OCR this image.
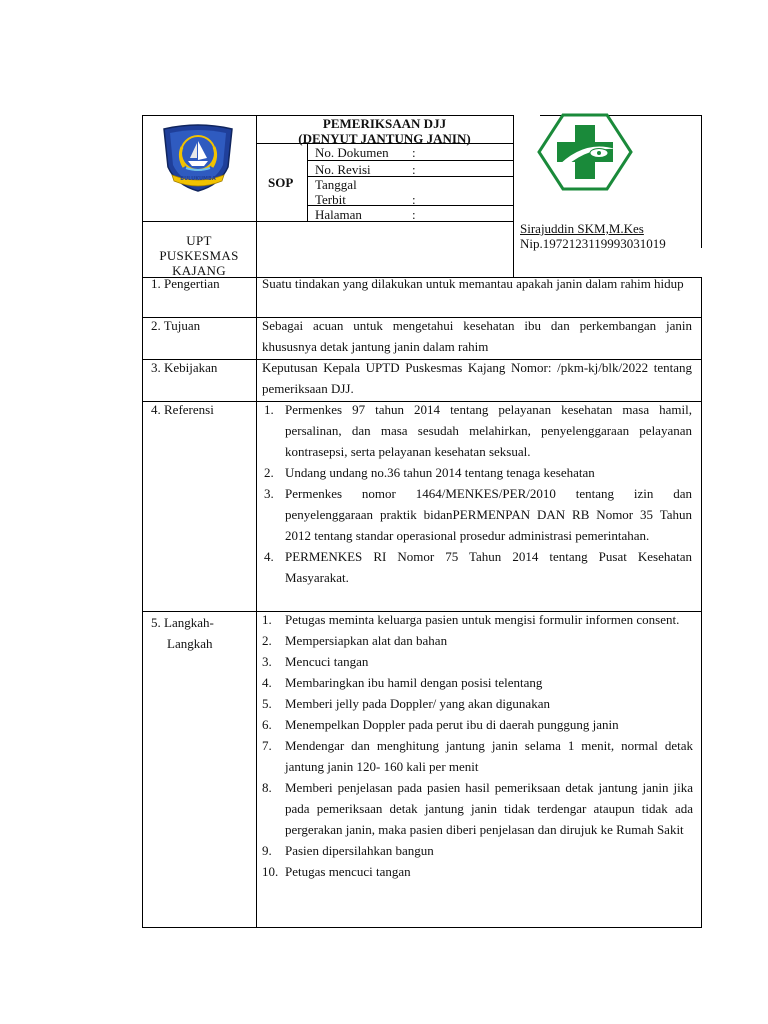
BULUKUMBA
PEMERIKSAAN DJJ
(DENYUT JANTUNG JANIN)
SOP
No. Dokumen :
No. Revisi	:
Tanggal
Terbit	:
Halaman	:
UPT
PUSKESMAS
KAJANG
Sirajuddin SKM,M.Kes
Nip.1972123119993031019
1. Pengertian	Suatu tindakan yang dilakukan untuk memantau apakah janin dalam rahim hidup
2. Tujuan	Sebagai acuan untuk mengetahui kesehatan ibu dan perkembangan janin khususnya detak jantung janin dalam rahim
3. Kebijakan	Keputusan Kepala UPTD Puskesmas Kajang Nomor: /pkm-kj/blk/2022 tentang pemeriksaan DJJ.
4. Referensi	1. Permenkes 97 tahun 2014 tentang pelayanan kesehatan masa hamil, persalinan, dan masa sesudah melahirkan, penyelenggaraan pelayanan kontrasepsi, serta pelayanan kesehatan seksual.
2. Undang undang no.36 tahun 2014 tentang tenaga kesehatan
3. Permenkes nomor 1464/MENKES/PER/2010 tentang izin dan penyelenggaraan praktik bidanPERMENPAN DAN RB Nomor 35 Tahun 2012 tentang standar operasional prosedur administrasi pemerintahan.
4. PERMENKES RI Nomor 75 Tahun 2014 tentang Pusat Kesehatan Masyarakat.
5. Langkah-
Langkah
1. Petugas meminta keluarga pasien untuk mengisi formulir informen consent.
2. Mempersiapkan alat dan bahan
3. Mencuci tangan
4. Membaringkan ibu hamil dengan posisi telentang
5. Memberi jelly pada Doppler/ yang akan digunakan
6. Menempelkan Doppler pada perut ibu di daerah punggung janin
7. Mendengar dan menghitung jantung janin selama 1 menit, normal detak jantung janin 120- 160 kali per menit
8. Memberi penjelasan pada pasien hasil pemeriksaan detak jantung janin jika pada pemeriksaan detak jantung janin tidak terdengar ataupun tidak ada pergerakan janin, maka pasien diberi penjelasan dan dirujuk ke Rumah Sakit
9. Pasien dipersilahkan bangun
10. Petugas mencuci tangan
